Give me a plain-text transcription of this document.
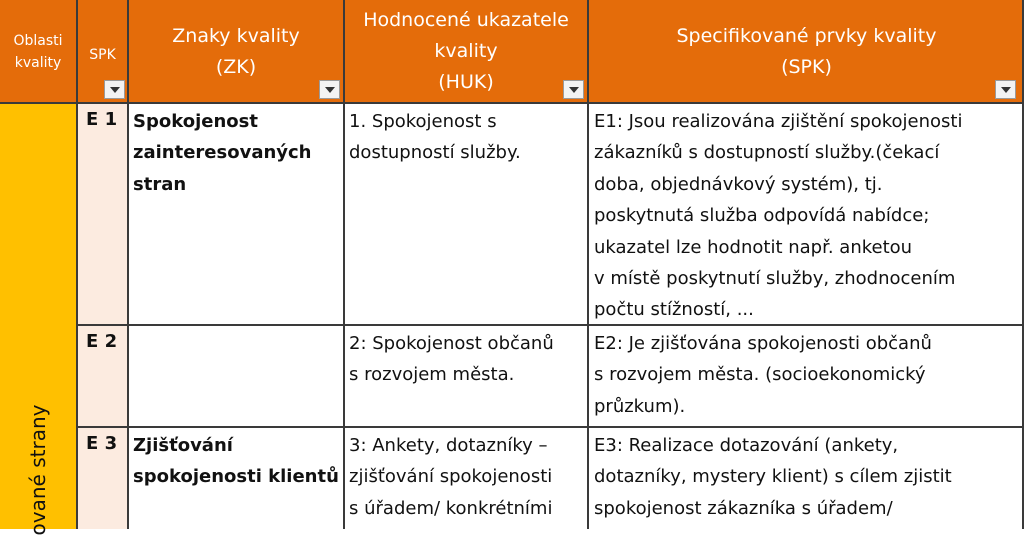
Oblasti
kvality SPK
Znaky kvality
(ZK)
Hodnocené ukazatele
kvality
(HUK)
Specifikované prvky kvality
(SPK)
ované strany
E 1 Spokojenost
zainteresovaných
stran

1. Spokojenost s
dostupností služby.

E1: Jsou realizována zjištění spokojenosti
zákazníků s dostupností služby.(čekací
doba, objednávkový systém), tj.
poskytnutá služba odpovídá nabídce;
ukazatel lze hodnotit např. anketou
v místě poskytnutí služby, zhodnocením
počtu stížností, ...

E 2	2: Spokojenost občanů
s rozvojem města.

E2: Je zjišťována spokojenosti občanů
s rozvojem města. (socioekonomický
průzkum).

E 3 Zjišťování
spokojenosti klientů

3: Ankety, dotazníky –
zjišťování spokojenosti
s úřadem/ konkrétními

E3: Realizace dotazování (ankety,
dotazníky, mystery klient) s cílem zjistit
spokojenost zákazníka s úřadem/
